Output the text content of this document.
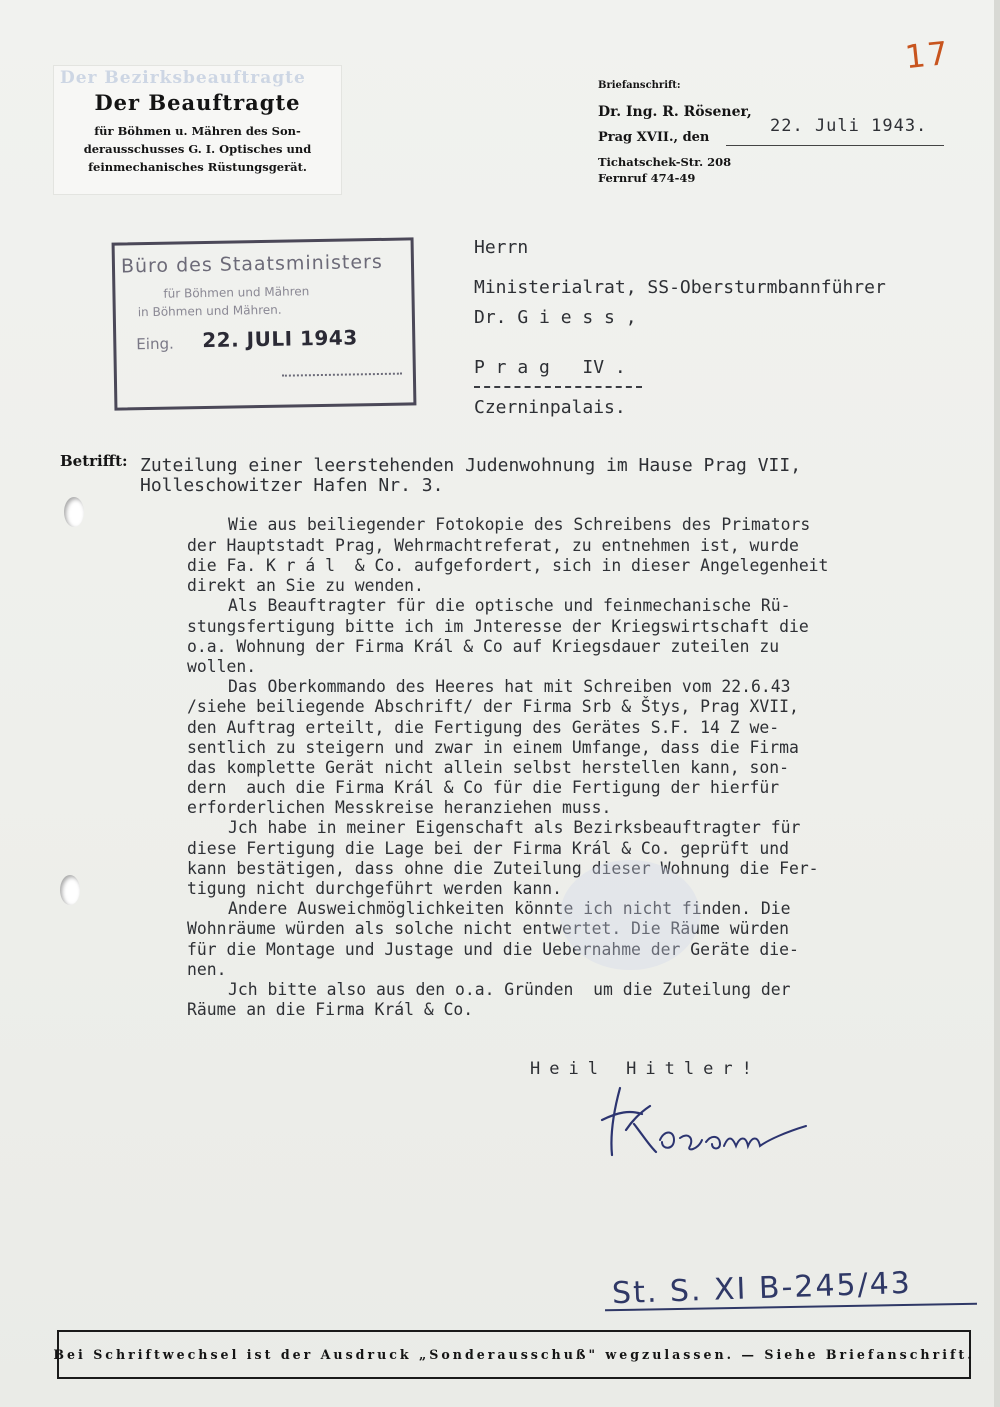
Der Bezirksbeauftragte
Der Beauftragte
für Böhmen u. Mähren des Son-
derausschusses G. I. Optisches und
feinmechanisches Rüstungsgerät.
Briefanschrift:
Dr. Ing. R. Rösener,
Prag XVII., den
Tichatschek-Str. 208
Fernruf 474-49
22. Juli 1943.
17
Büro des Staatsministers
für Böhmen und Mähren
in Böhmen und Mähren.
Eing. 22. JULI 1943
Herrn
Ministerialrat, SS-Obersturmbannführer
Dr. G i e s s ,
P r a g   IV .
Czerninpalais.
Betrifft: Zuteilung einer leerstehenden Judenwohnung im Hause Prag VII,
Holleschowitzer Hafen Nr. 3.
Wie aus beiliegender Fotokopie des Schreibens des Primators
der Hauptstadt Prag, Wehrmachtreferat, zu entnehmen ist, wurde
die Fa. K r á l  & Co. aufgefordert, sich in dieser Angelegenheit
direkt an Sie zu wenden.
Als Beauftragter für die optische und feinmechanische Rü-
stungsfertigung bitte ich im Jnteresse der Kriegswirtschaft die
o.a. Wohnung der Firma Král & Co auf Kriegsdauer zuteilen zu
wollen.
Das Oberkommando des Heeres hat mit Schreiben vom 22.6.43
/siehe beiliegende Abschrift/ der Firma Srb & Štys, Prag XVII,
den Auftrag erteilt, die Fertigung des Gerätes S.F. 14 Z we-
sentlich zu steigern und zwar in einem Umfange, dass die Firma
das komplette Gerät nicht allein selbst herstellen kann, son-
dern  auch die Firma Král & Co für die Fertigung der hierfür
erforderlichen Messkreise heranziehen muss.
Jch habe in meiner Eigenschaft als Bezirksbeauftragter für
diese Fertigung die Lage bei der Firma Král & Co. geprüft und
kann bestätigen, dass ohne die Zuteilung dieser Wohnung die Fer-
tigung nicht durchgeführt werden kann.
Andere Ausweichmöglichkeiten könnte ich nicht finden. Die
Wohnräume würden als solche nicht entwertet. Die Räume würden
für die Montage und Justage und die Uebernahme der Geräte die-
nen.
Jch bitte also aus den o.a. Gründen  um die Zuteilung der
Räume an die Firma Král & Co.
Heil Hitler!
St. S. XI B-245/43
Bei Schriftwechsel ist der Ausdruck „Sonderausschuß" wegzulassen. — Siehe Briefanschrift.
